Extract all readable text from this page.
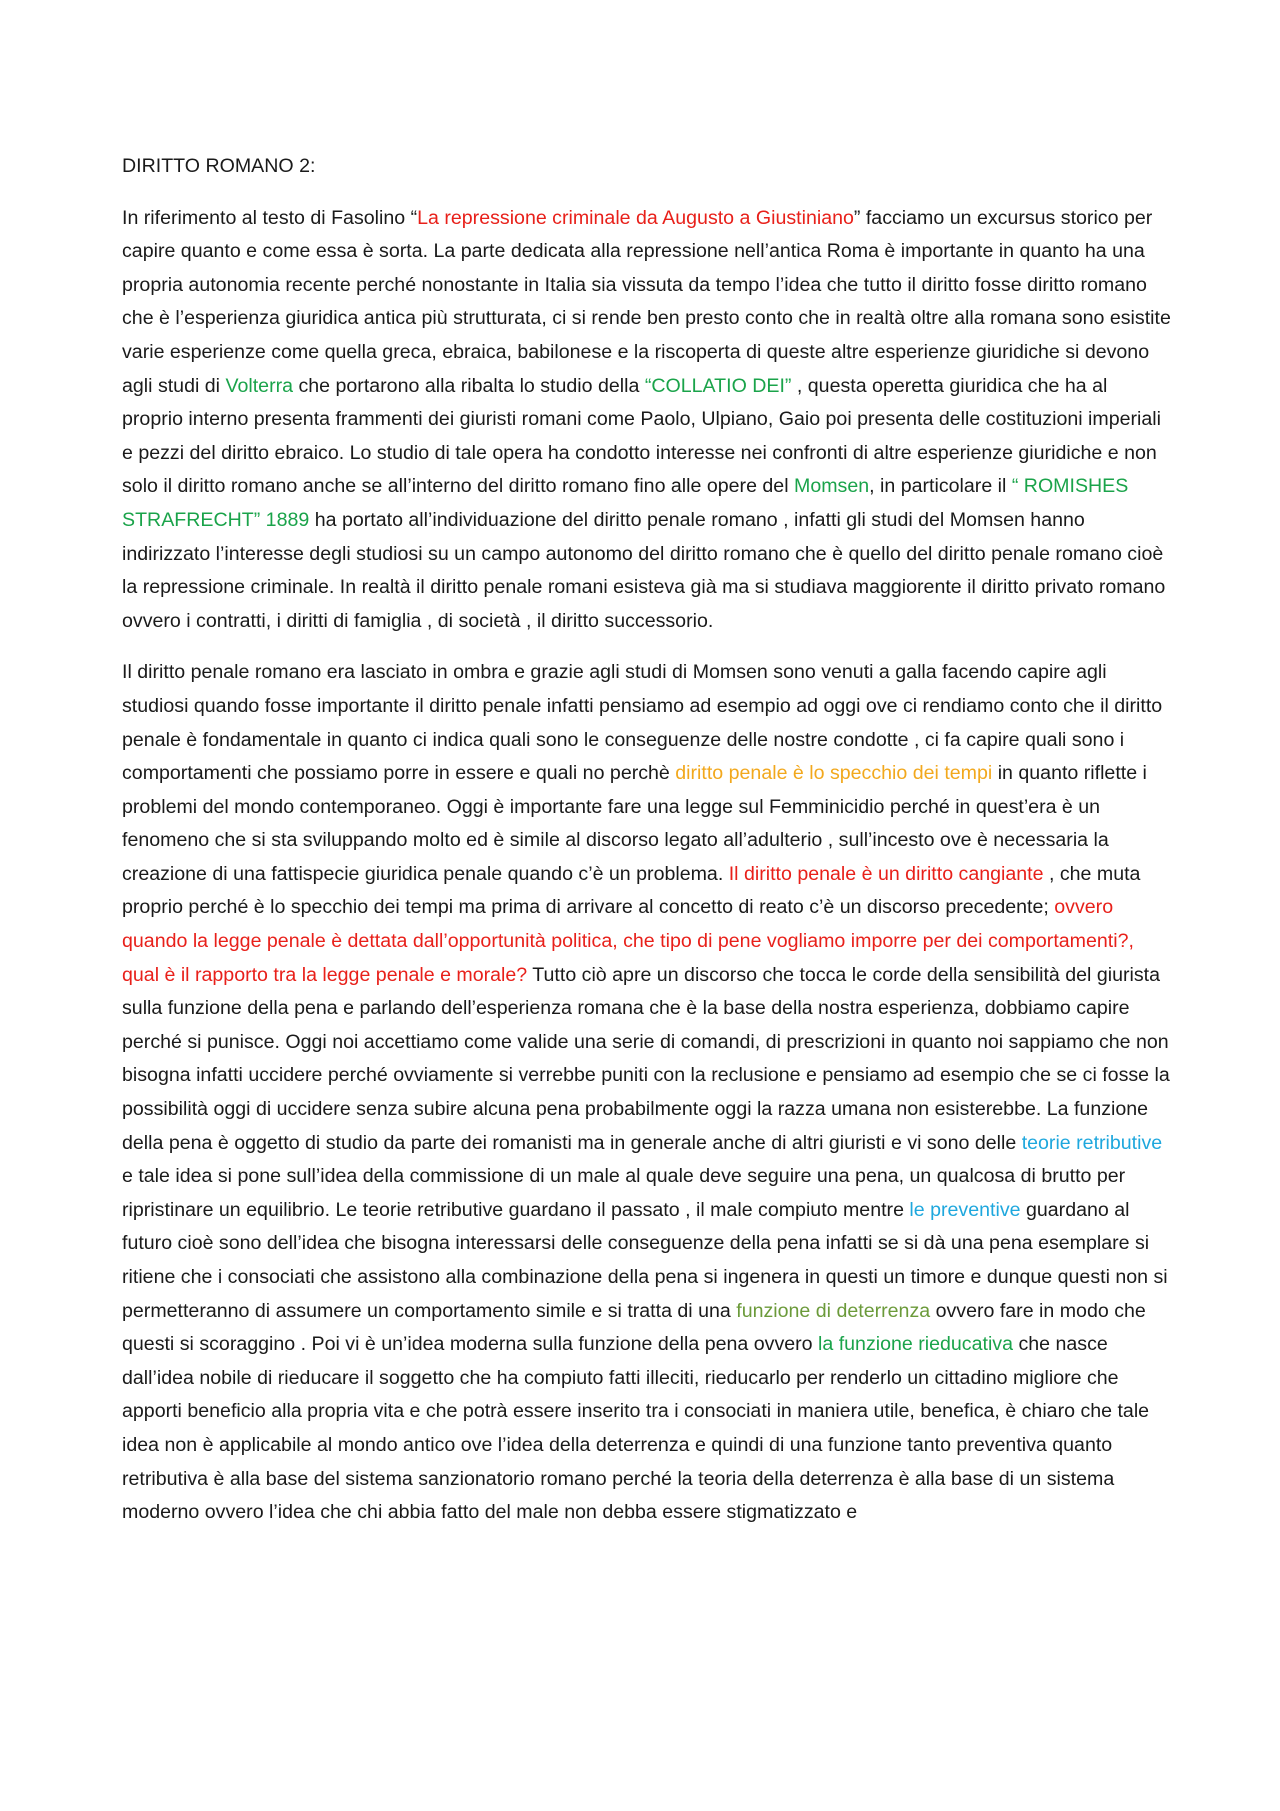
DIRITTO ROMANO 2:

In riferimento al testo di Fasolino “La repressione criminale da Augusto a Giustiniano” facciamo un excursus storico per capire quanto e come essa è sorta. La parte dedicata alla repressione nell’antica Roma è importante in quanto ha una propria autonomia recente perché nonostante in Italia sia vissuta da tempo l’idea che tutto il diritto fosse diritto romano che è l’esperienza giuridica antica più strutturata, ci si rende ben presto conto che in realtà oltre alla romana sono esistite varie esperienze come quella greca, ebraica, babilonese e la riscoperta di queste altre esperienze giuridiche si devono agli studi di Volterra che portarono alla ribalta lo studio della “COLLATIO DEI” , questa operetta giuridica che ha al proprio interno presenta frammenti dei giuristi romani come Paolo, Ulpiano, Gaio poi presenta delle costituzioni imperiali e pezzi del diritto ebraico. Lo studio di tale opera ha condotto interesse nei confronti di altre esperienze giuridiche e non solo il diritto romano anche se all’interno del diritto romano fino alle opere del Momsen, in particolare il “ ROMISHES STRAFRECHT” 1889 ha portato all’individuazione del diritto penale romano , infatti gli studi del Momsen hanno indirizzato l’interesse degli studiosi su un campo autonomo del diritto romano che è quello del diritto penale romano cioè la repressione criminale. In realtà il diritto penale romani esisteva già ma si studiava maggiorente il diritto privato romano ovvero i contratti, i diritti di famiglia , di società , il diritto successorio.

Il diritto penale romano era lasciato in ombra e grazie agli studi di Momsen sono venuti a galla facendo capire agli studiosi quando fosse importante il diritto penale infatti pensiamo ad esempio ad oggi ove ci rendiamo conto che il diritto penale è fondamentale in quanto ci indica quali sono le conseguenze delle nostre condotte , ci fa capire quali sono i comportamenti che possiamo porre in essere e quali no perchè diritto penale è lo specchio dei tempi in quanto riflette i problemi del mondo contemporaneo. Oggi è importante fare una legge sul Femminicidio perché in quest’era è un fenomeno che si sta sviluppando molto ed è simile al discorso legato all’adulterio , sull’incesto ove è necessaria la creazione di una fattispecie giuridica penale quando c’è un problema. Il diritto penale è un diritto cangiante , che muta proprio perché è lo specchio dei tempi ma prima di arrivare al concetto di reato c’è un discorso precedente; ovvero quando la legge penale è dettata dall’opportunità politica, che tipo di pene vogliamo imporre per dei comportamenti?, qual è il rapporto tra la legge penale e morale? Tutto ciò apre un discorso che tocca le corde della sensibilità del giurista sulla funzione della pena e parlando dell’esperienza romana che è la base della nostra esperienza, dobbiamo capire perché si punisce. Oggi noi accettiamo come valide una serie di comandi, di prescrizioni in quanto noi sappiamo che non bisogna infatti uccidere perché ovviamente si verrebbe puniti con la reclusione e pensiamo ad esempio che se ci fosse la possibilità oggi di uccidere senza subire alcuna pena probabilmente oggi la razza umana non esisterebbe. La funzione della pena è oggetto di studio da parte dei romanisti ma in generale anche di altri giuristi e vi sono delle teorie retributive e tale idea si pone sull’idea della commissione di un male al quale deve seguire una pena, un qualcosa di brutto per ripristinare un equilibrio. Le teorie retributive guardano il passato , il male compiuto mentre le preventive guardano al futuro cioè sono dell’idea che bisogna interessarsi delle conseguenze della pena infatti se si dà una pena esemplare si ritiene che i consociati che assistono alla combinazione della pena si ingenera in questi un timore e dunque questi non si permetteranno di assumere un comportamento simile e si tratta di una funzione di deterrenza ovvero fare in modo che questi si scoraggino . Poi vi è un’idea moderna sulla funzione della pena ovvero la funzione rieducativa che nasce dall’idea nobile di rieducare il soggetto che ha compiuto fatti illeciti, rieducarlo per renderlo un cittadino migliore che apporti beneficio alla propria vita e che potrà essere inserito tra i consociati in maniera utile, benefica, è chiaro che tale idea non è applicabile al mondo antico ove l’idea della deterrenza e quindi di una funzione tanto preventiva quanto retributiva è alla base del sistema sanzionatorio romano perché la teoria della deterrenza è alla base di un sistema moderno ovvero l’idea che chi abbia fatto del male non debba essere stigmatizzato e
